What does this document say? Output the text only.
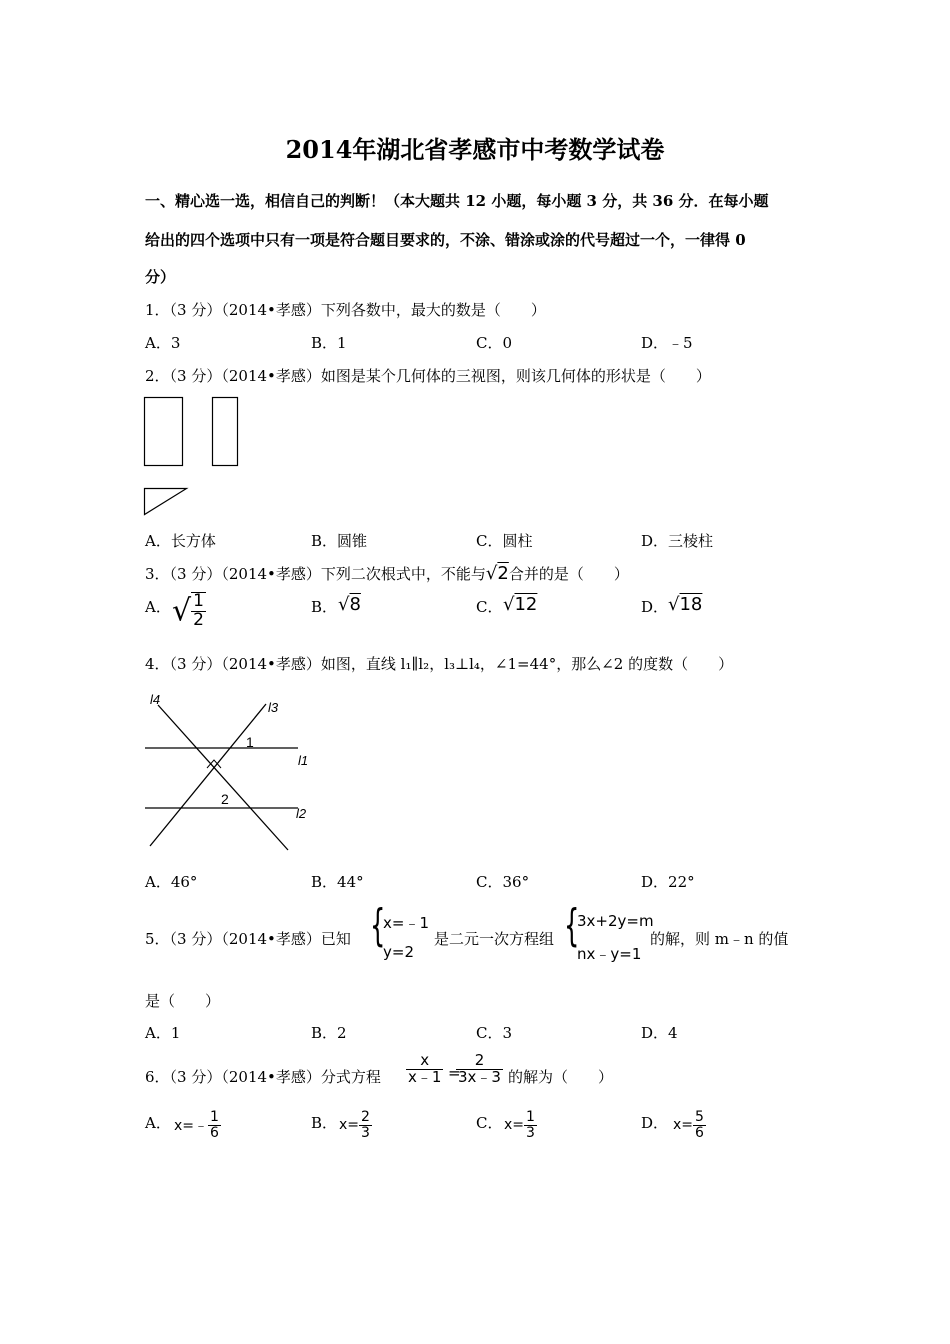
2014年湖北省孝感市中考数学试卷
一、精心选一选，相信自己的判断！（本大题共 12 小题，每小题 3 分，共 36 分．在每小题
给出的四个选项中只有一项是符合题目要求的，不涂、错涂或涂的代号超过一个，一律得 0
分）
1．（3 分）（2014•孝感）下列各数中，最大的数是（　　）
A．3	B．1	C．0	D．﹣5
2．（3 分）（2014•孝感）如图是某个几何体的三视图，则该几何体的形状是（　　）
A．长方体	B．圆锥	C．圆柱	D．三棱柱
3．（3 分）（2014•孝感）下列二次根式中，不能与√2合并的是（　　）
A． √ $\frac{1}{2}$	B． √8	C． √12	D． √18
4．（3 分）（2014•孝感）如图，直线 l₁∥l₂，l₃⊥l₄，∠1=44°，那么∠2 的度数（　　）
l4
l3
l1
l2
1
2
A．46°	B．44°	C．36°	D．22°
5．（3 分）（2014•孝感）已知 {
x=﹣1
y=2
是二元一次方程组 {
3x+2y=m
nx﹣y=1
的解，则 m﹣n 的值
是（　　）
A．1	B．2	C．3	D．4
6．（3 分）（2014•孝感）分式方程 $\frac{x}{x﹣1}$ =
$\frac{2}{3x﹣3}$ 的解为（　　）
A． x=﹣ $\frac{1}{6}$	B． $x= \frac{2}{3}$	C． $x= \frac{1}{3}$	D． $x= \frac{5}{6}$
